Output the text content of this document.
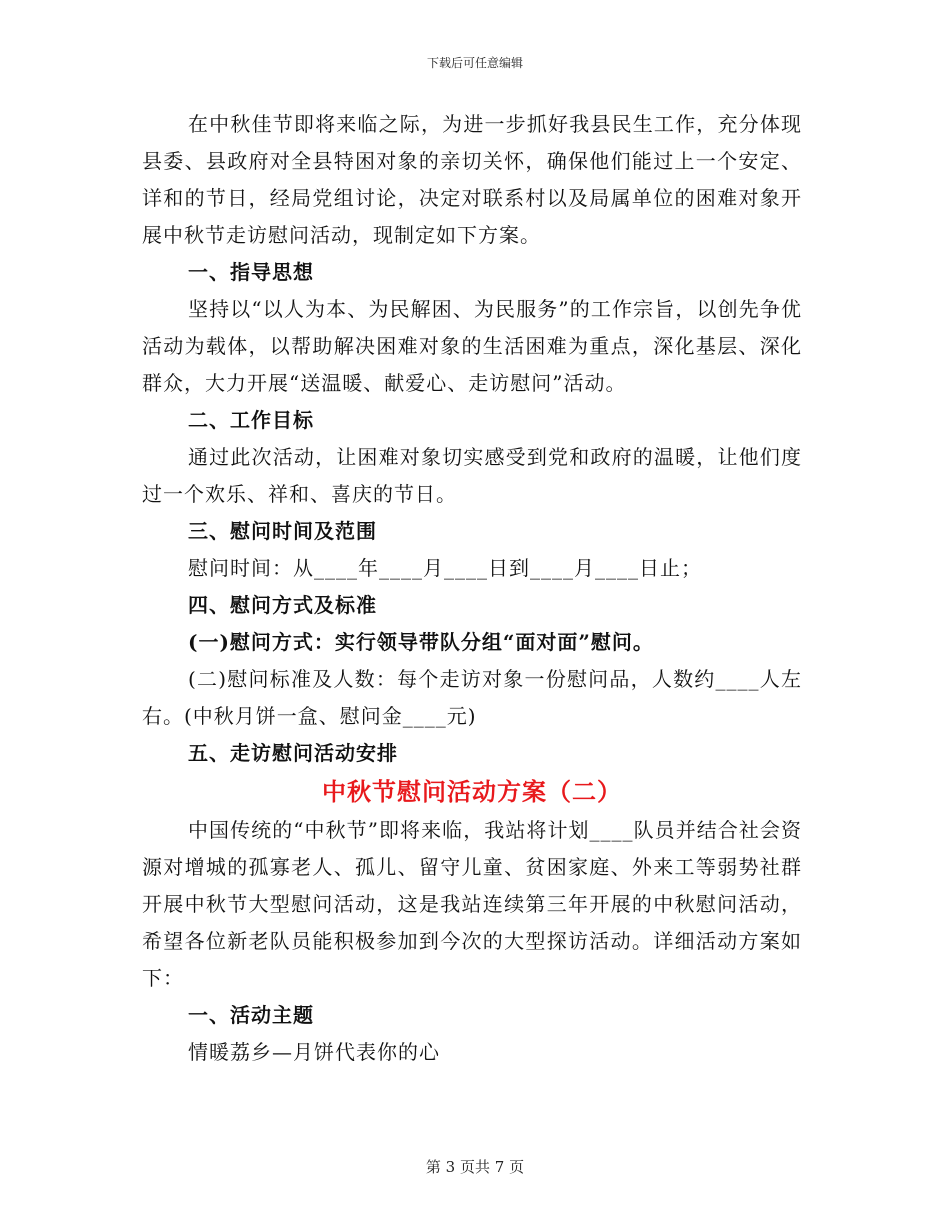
下载后可任意编辑

在中秋佳节即将来临之际，为进一步抓好我县民生工作，充分体现县委、县政府对全县特困对象的亲切关怀，确保他们能过上一个安定、详和的节日，经局党组讨论，决定对联系村以及局属单位的困难对象开展中秋节走访慰问活动，现制定如下方案。

一、指导思想

坚持以“以人为本、为民解困、为民服务”的工作宗旨，以创先争优活动为载体，以帮助解决困难对象的生活困难为重点，深化基层、深化群众，大力开展“送温暖、献爱心、走访慰问”活动。

二、工作目标

通过此次活动，让困难对象切实感受到党和政府的温暖，让他们度过一个欢乐、祥和、喜庆的节日。

三、慰问时间及范围

慰问时间：从____年____月____日到____月____日止；

四、慰问方式及标准

(一)慰问方式：实行领导带队分组“面对面”慰问。

(二)慰问标准及人数：每个走访对象一份慰问品，人数约____人左右。(中秋月饼一盒、慰问金____元)

五、走访慰问活动安排

中秋节慰问活动方案（二）

中国传统的“中秋节”即将来临，我站将计划____队员并结合社会资源对增城的孤寡老人、孤儿、留守儿童、贫困家庭、外来工等弱势社群开展中秋节大型慰问活动，这是我站连续第三年开展的中秋慰问活动，希望各位新老队员能积极参加到今次的大型探访活动。详细活动方案如下：

一、活动主题

情暖荔乡—月饼代表你的心

第 3 页共 7 页
